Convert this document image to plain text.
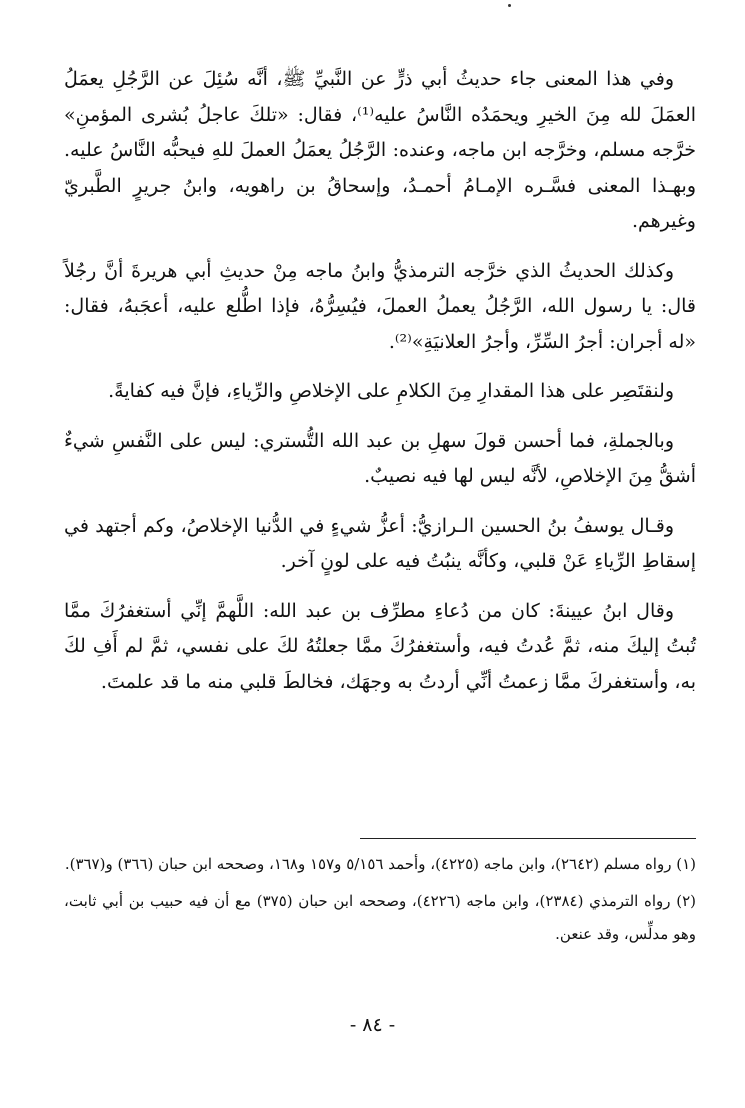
وفي هذا المعنى جاء حديثُ أبي ذرٍّ عن النَّبيِّ ﷺ، أنَّه سُئِلَ عن الرَّجُلِ يعمَلُ العمَلَ لله مِنَ الخيرِ ويحمَدُه النَّاسُ عليه⁽¹⁾، فقال: «تلكَ عاجلُ بُشرى المؤمنِ» خرَّجه مسلم، وخرَّجه ابن ماجه، وعنده: الرَّجُلُ يعمَلُ العملَ للهِ فيحبُّه النَّاسُ عليه. وبهـذا المعنى فسَّـره الإمـامُ أحمـدُ، وإسحاقُ بن راهويه، وابنُ جريرٍ الطَّبريّ وغيرهم.

وكذلك الحديثُ الذي خرَّجه الترمذيُّ وابنُ ماجه مِنْ حديثِ أبي هريرةَ أنَّ رجُلاً قال: يا رسول الله، الرَّجُلُ يعملُ العملَ، فيُسِرُّهُ، فإذا اطُّلع عليه، أعجَبهُ، فقال: «له أجران: أجرُ السِّرِّ، وأجرُ العلانيَةِ»⁽²⁾.

ولنقتَصِر على هذا المقدارِ مِنَ الكلامِ على الإخلاصِ والرِّياءِ، فإنَّ فيه كفايةً.

وبالجملةِ، فما أحسن قولَ سهلِ بن عبد الله التُّستري: ليس على النَّفسِ شيءٌ أشقُّ مِنَ الإخلاصِ، لأنَّه ليس لها فيه نصيبٌ.

وقـال يوسفُ بنُ الحسين الـرازيُّ: أعزُّ شيءٍ في الدُّنيا الإخلاصُ، وكم أجتهد في إسقاطِ الرِّياءِ عَنْ قلبي، وكأنَّه ينبُتُ فيه على لونٍ آخر.

وقال ابنُ عيينةَ: كان من دُعاءِ مطرِّف بن عبد الله: اللَّهمَّ إنِّي أستغفرُكَ ممَّا تُبتُ إليكَ منه، ثمَّ عُدتُ فيه، وأستغفرُكَ ممَّا جعلتُهُ لكَ على نفسي، ثمَّ لم أَفِ لكَ به، وأستغفركَ ممَّا زعمتُ أنِّي أردتُ به وجهَك، فخالطَ قلبي منه ما قد علمتَ.

(١) رواه مسلم (٢٦٤٢)، وابن ماجه (٤٢٢٥)، وأحمد ٥/١٥٦ و١٥٧ و١٦٨، وصححه ابن حبان (٣٦٦) و(٣٦٧).

(٢) رواه الترمذي (٢٣٨٤)، وابن ماجه (٤٢٢٦)، وصححه ابن حبان (٣٧٥) مع أن فيه حبيب بن أبي ثابت، وهو مدلِّس، وقد عنعن.

- ٨٤ -
